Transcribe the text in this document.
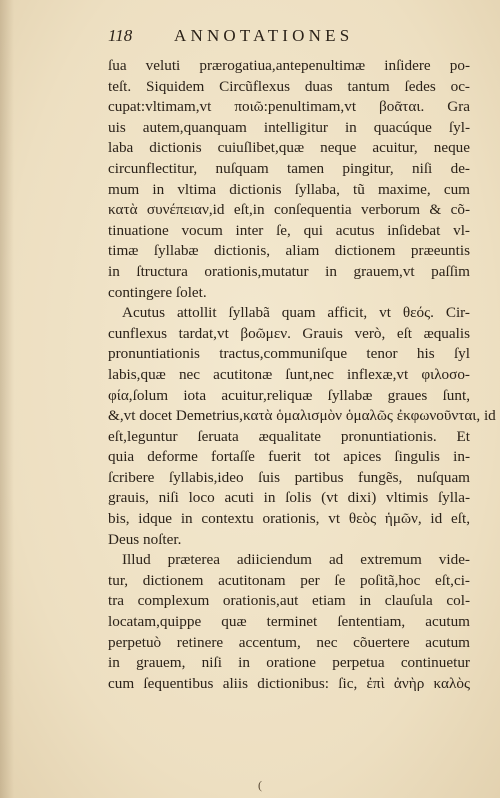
118 ANNOTATIONES
ſua veluti prærogatiua,antepenultimæ inſidere po-
teſt. Siquidem Circũflexus duas tantum ſedes oc-
cupat:vltimam,vt ποιῶ:penultimam,vt βοᾶται. Gra
uis autem,quanquam intelligitur in quacúque ſyl-
laba dictionis cuiuſlibet,quæ neque acuitur, neque
circunflectitur, nuſquam tamen pingitur, niſi de-
mum in vltima dictionis ſyllaba, tũ maxime, cum
κατὰ συνέπειαν,id eſt,in conſequentia verborum & cõ-
tinuatione vocum inter ſe, qui acutus inſidebat vl-
timæ ſyllabæ dictionis, aliam dictionem præeuntis
in ſtructura orationis,mutatur in grauem,vt paſſim
contingere ſolet.
Acutus attollit ſyllabã quam afficit, vt θεός. Cir-
cunflexus tardat,vt βοῶμεν. Grauis verò, eſt æqualis
pronuntiationis tractus,communiſque tenor his ſyl
labis,quæ nec acutitonæ ſunt,nec inflexæ,vt φιλοσο-
φία,ſolum iota acuitur,reliquæ ſyllabæ graues ſunt,
&,vt docet Demetrius,κατὰ ὁμαλισμὸν ὁμαλῶς ἐκφωνοῦνται, id
eſt,leguntur ſeruata æqualitate pronuntiationis. Et
quia deforme fortaſſe fuerit tot apices ſingulis in-
ſcribere ſyllabis,ideo ſuis partibus fungẽs, nuſquam
grauis, niſi loco acuti in ſolis (vt dixi) vltimis ſylla-
bis, idque in contextu orationis, vt θεὸς ἡμῶν, id eſt,
Deus noſter.
Illud præterea adiiciendum ad extremum vide-
tur, dictionem acutitonam per ſe poſitã,hoc eſt,ci-
tra complexum orationis,aut etiam in clauſula col-
locatam,quippe quæ terminet ſententiam, acutum
perpetuò retinere accentum, nec cõuertere acutum
in grauem, niſi in oratione perpetua continuetur
cum ſequentibus aliis dictionibus: ſic, ἐπὶ ἀνὴρ καλὸς
(
